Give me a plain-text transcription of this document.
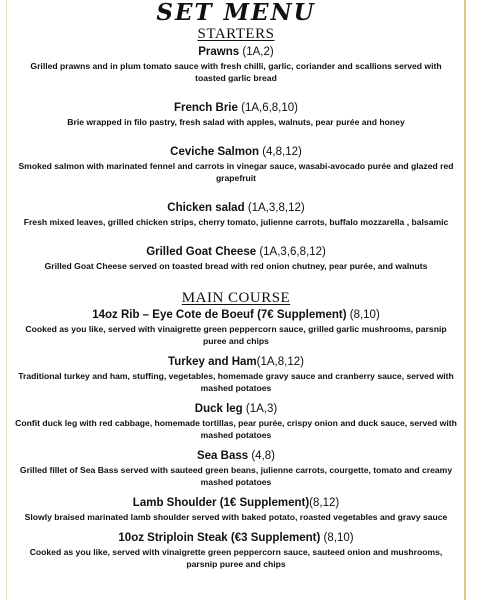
SET MENU
STARTERS
Prawns (1A,2)
Grilled prawns and in plum tomato sauce with fresh chilli, garlic, coriander and scallions served with toasted garlic bread
French Brie (1A,6,8,10)
Brie wrapped in filo pastry, fresh salad with apples, walnuts, pear purée and honey
Ceviche Salmon (4,8,12)
Smoked salmon with marinated fennel and carrots in vinegar sauce, wasabi-avocado purée and glazed red grapefruit
Chicken salad (1A,3,8,12)
Fresh mixed leaves, grilled chicken strips, cherry tomato, julienne carrots, buffalo mozzarella , balsamic
Grilled Goat Cheese (1A,3,6,8,12)
Grilled Goat Cheese served on toasted bread with red onion chutney, pear purée, and walnuts
MAIN COURSE
14oz Rib – Eye Cote de Boeuf (7€ Supplement) (8,10)
Cooked as you like, served with vinaigrette green peppercorn sauce, grilled garlic mushrooms, parsnip puree and chips
Turkey and Ham(1A,8,12)
Traditional turkey and ham, stuffing, vegetables, homemade gravy sauce and cranberry sauce, served with mashed potatoes
Duck leg (1A,3)
Confit duck leg with red cabbage, homemade tortillas, pear purée, crispy onion and duck sauce, served with mashed potatoes
Sea Bass (4,8)
Grilled fillet of Sea Bass served with sauteed green beans, julienne carrots, courgette, tomato and creamy mashed potatoes
Lamb Shoulder (1€ Supplement)(8,12)
Slowly braised marinated lamb shoulder served with baked potato, roasted vegetables and gravy sauce
10oz Striploin Steak (€3 Supplement) (8,10)
Cooked as you like, served with vinaigrette green peppercorn sauce, sauteed onion and mushrooms, parsnip puree and chips
